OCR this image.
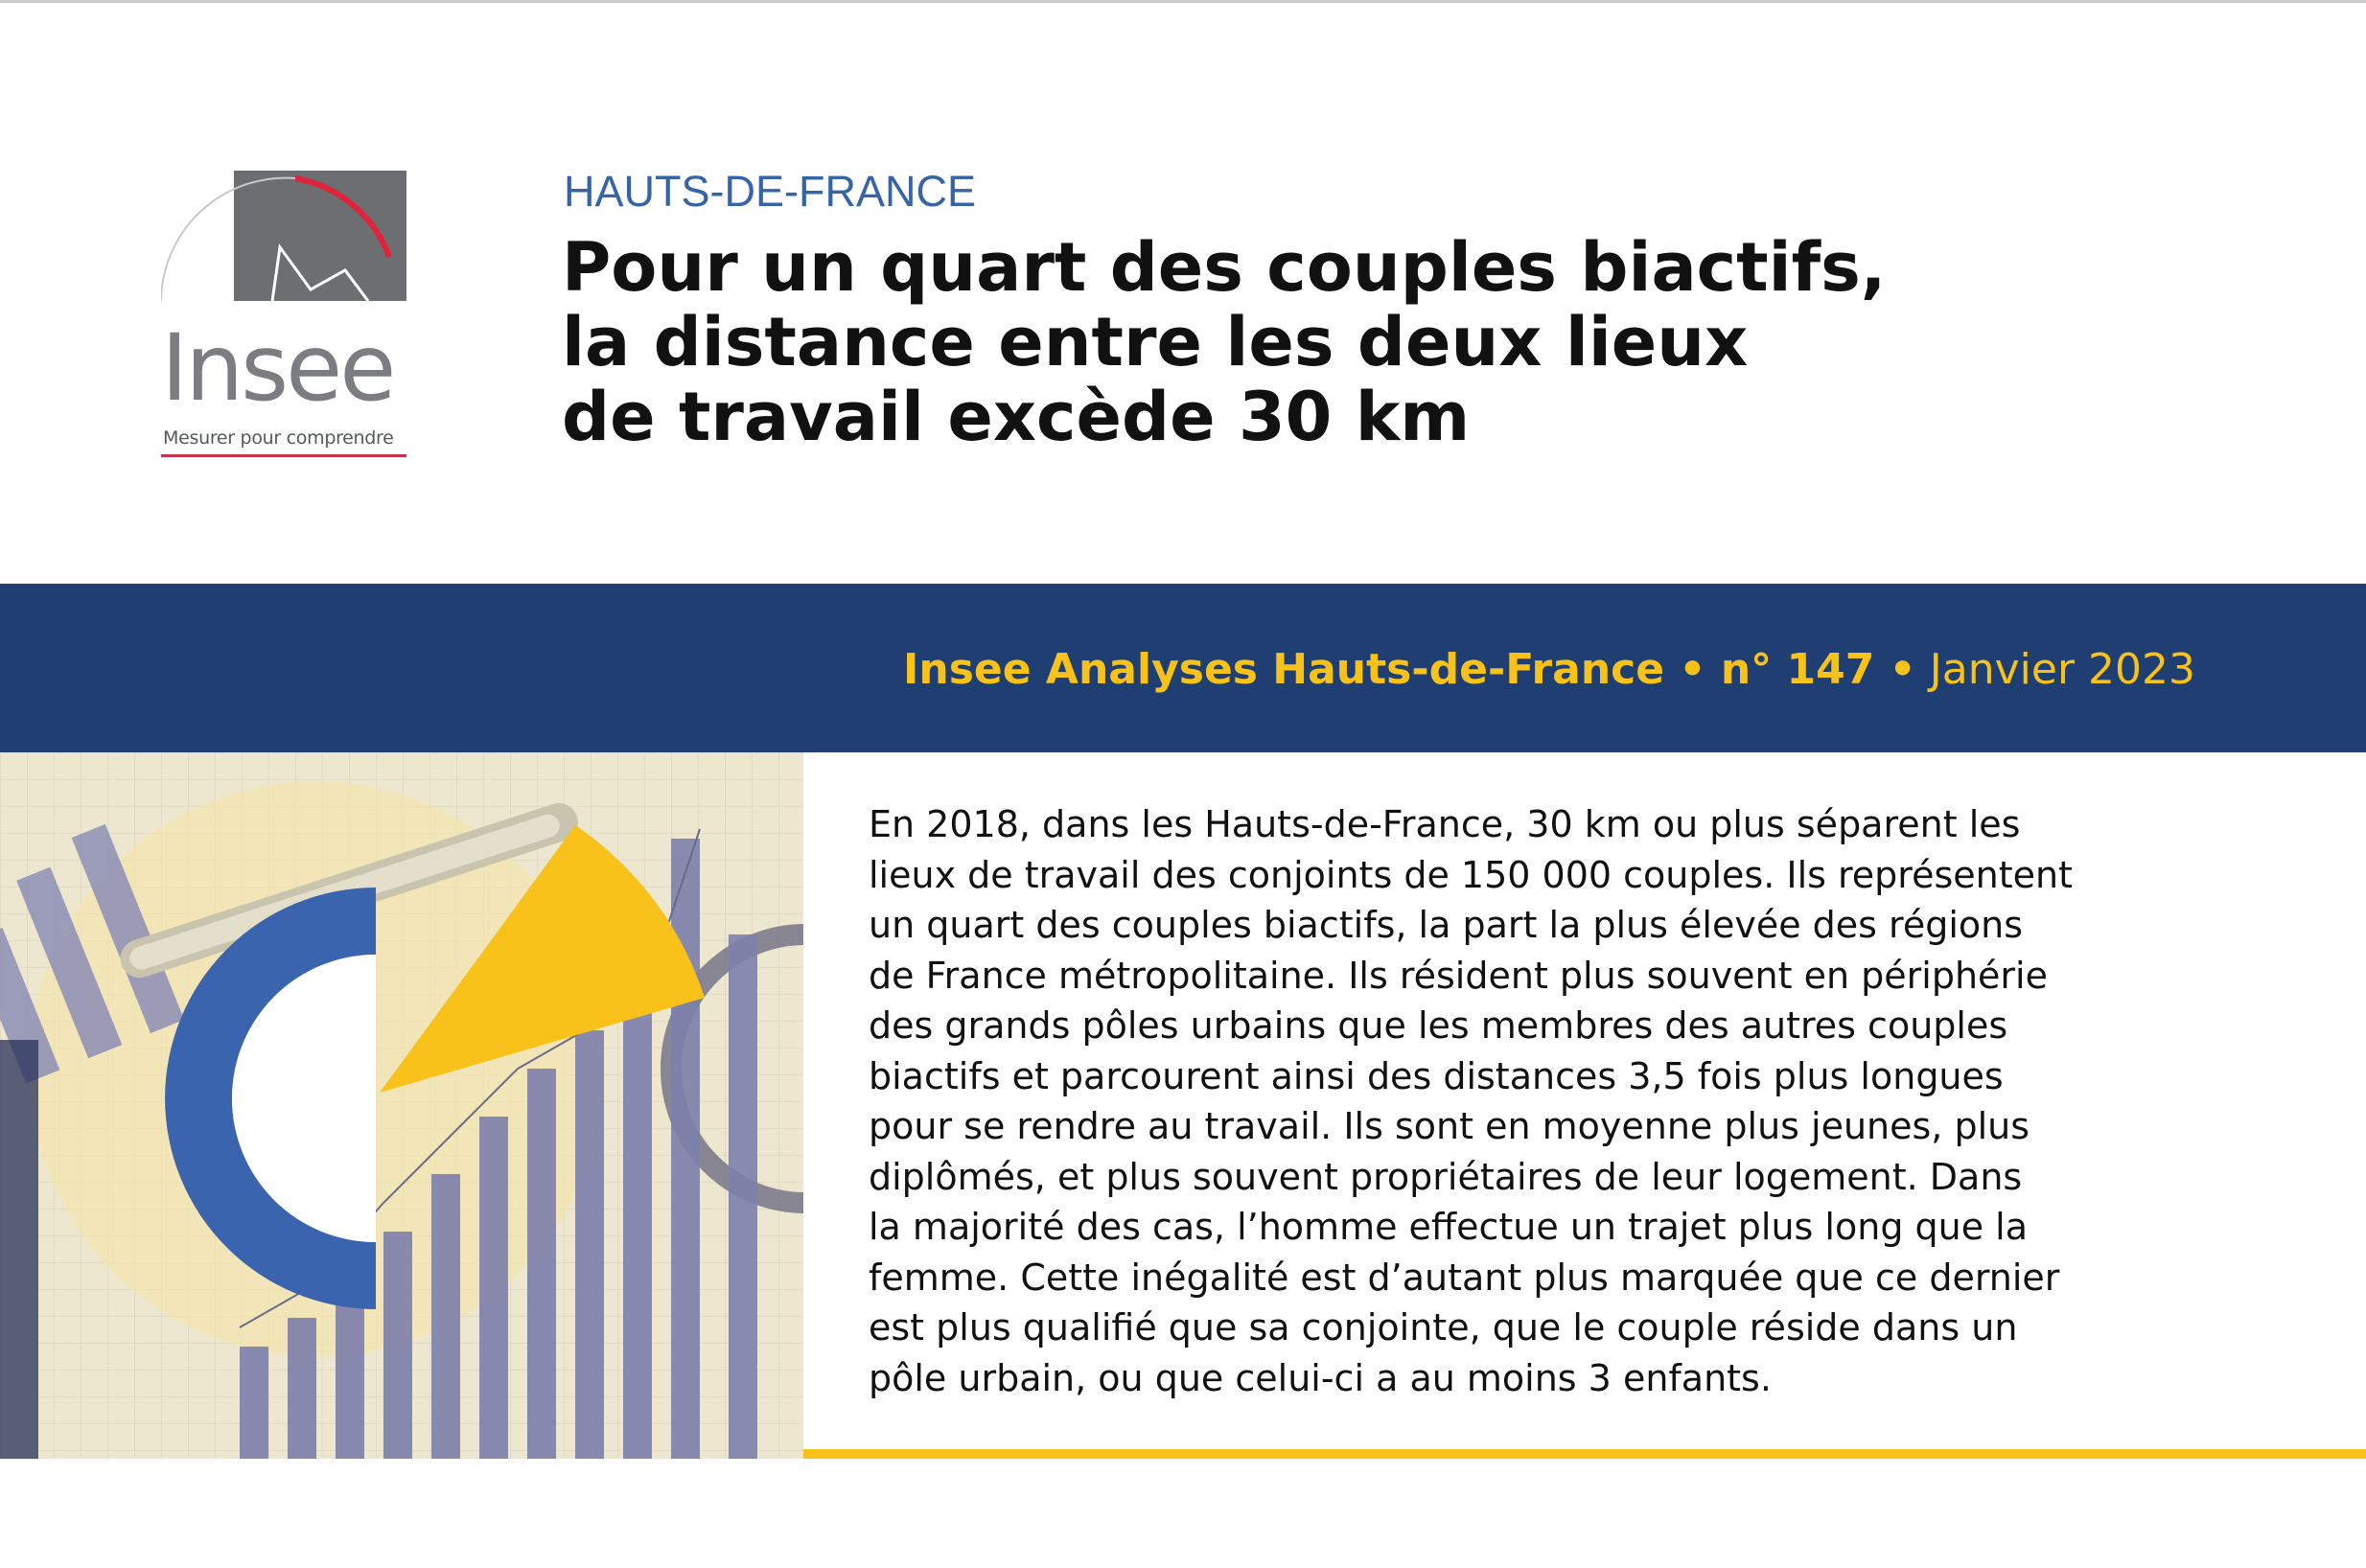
Insee
Mesurer pour comprendre
HAUTS-DE-FRANCE
Pour un quart des couples biactifs,
la distance entre les deux lieux
de travail excède 30 km
Insee Analyses Hauts-de-France • n° 147 • Janvier 2023
En 2018, dans les Hauts-de-France, 30 km ou plus séparent les
lieux de travail des conjoints de 150 000 couples. Ils représentent
un quart des couples biactifs, la part la plus élevée des régions
de France métropolitaine. Ils résident plus souvent en périphérie
des grands pôles urbains que les membres des autres couples
biactifs et parcourent ainsi des distances 3,5 fois plus longues
pour se rendre au travail. Ils sont en moyenne plus jeunes, plus
diplômés, et plus souvent propriétaires de leur logement. Dans
la majorité des cas, l’homme effectue un trajet plus long que la
femme. Cette inégalité est d’autant plus marquée que ce dernier
est plus qualifié que sa conjointe, que le couple réside dans un
pôle urbain, ou que celui-ci a au moins 3 enfants.
